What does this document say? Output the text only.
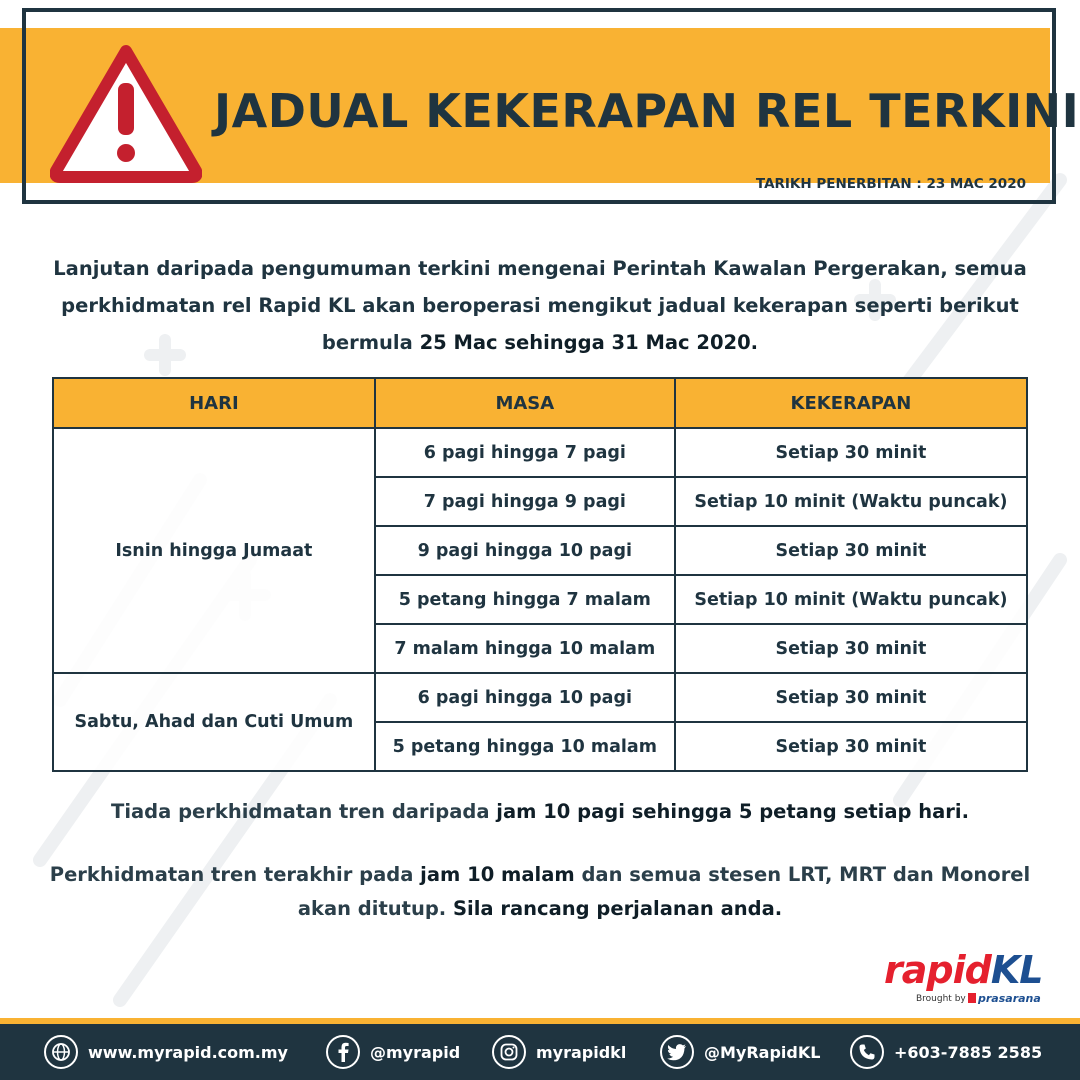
JADUAL KEKERAPAN REL TERKINI
TARIKH PENERBITAN : 23 MAC 2020
Lanjutan daripada pengumuman terkini mengenai Perintah Kawalan Pergerakan, semua
perkhidmatan rel Rapid KL akan beroperasi mengikut jadual kekerapan seperti berikut
bermula 25 Mac sehingga 31 Mac 2020.
HARI	MASA	KEKERAPAN
Isnin hingga Jumaat	6 pagi hingga 7 pagi	Setiap 30 minit
	7 pagi hingga 9 pagi	Setiap 10 minit (Waktu puncak)
	9 pagi hingga 10 pagi	Setiap 30 minit
	5 petang hingga 7 malam	Setiap 10 minit (Waktu puncak)
	7 malam hingga 10 malam	Setiap 30 minit
Sabtu, Ahad dan Cuti Umum	6 pagi hingga 10 pagi	Setiap 30 minit
	5 petang hingga 10 malam	Setiap 30 minit
Tiada perkhidmatan tren daripada jam 10 pagi sehingga 5 petang setiap hari.
Perkhidmatan tren terakhir pada jam 10 malam dan semua stesen LRT, MRT dan Monorel
akan ditutup. Sila rancang perjalanan anda.
rapidKL
Brought by	prasarana
www.myrapid.com.my	@myrapid	myrapidkl	@MyRapidKL	+603-7885 2585
